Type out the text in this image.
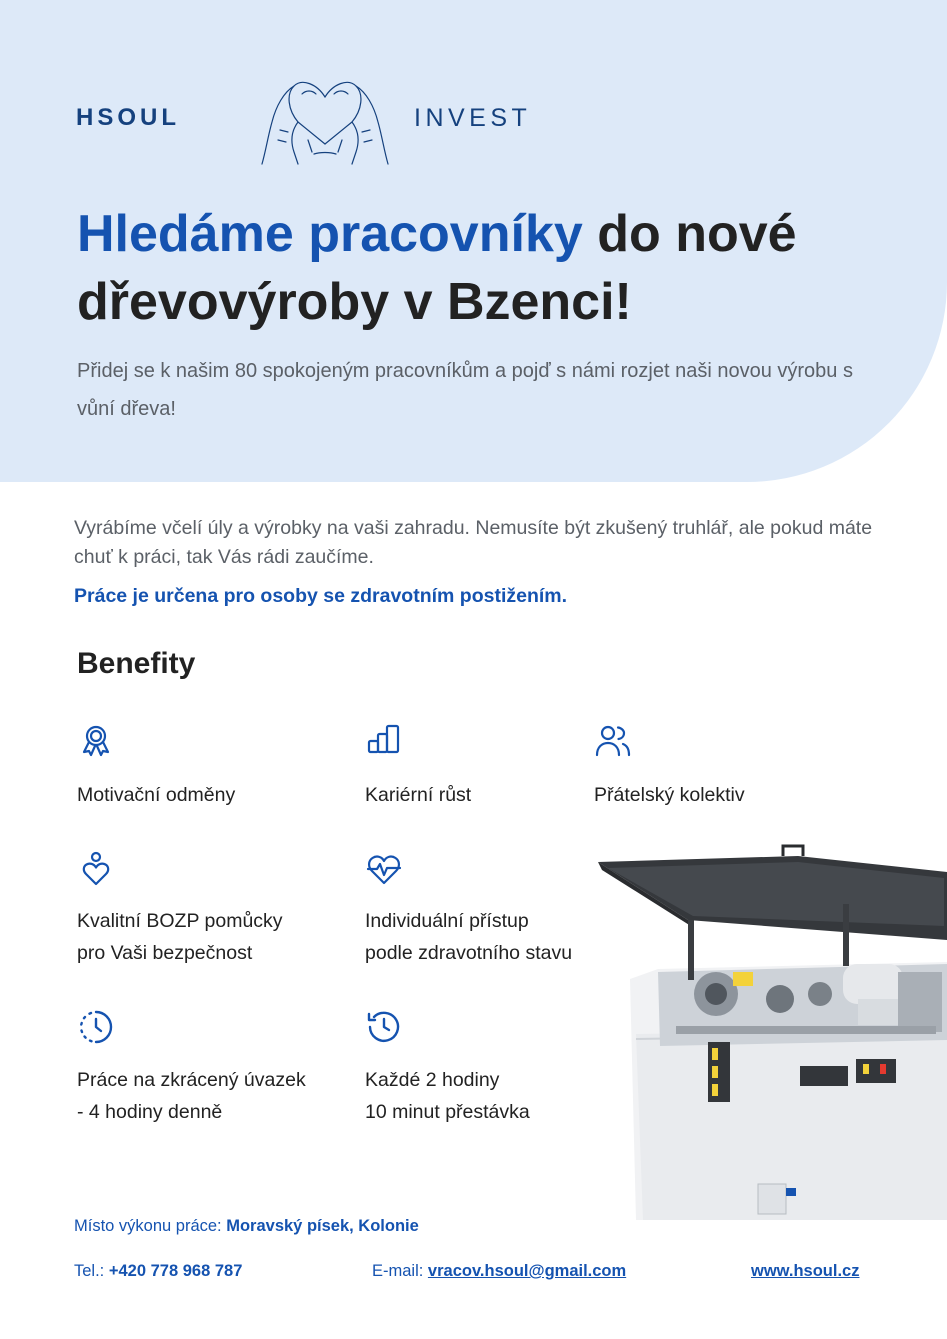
HSOUL	INVEST
Hledáme pracovníky do nové
dřevovýroby v Bzenci!

Přidej se k našim 80 spokojeným pracovníkům a pojď s námi rozjet naši novou výrobu s vůní dřeva!

Vyrábíme včelí úly a výrobky na vaši zahradu. Nemusíte být zkušený truhlář, ale pokud máte chuť k práci, tak Vás rádi zaučíme.

Práce je určena pro osoby se zdravotním postižením.

Benefity
Motivační odměny	Kariérní růst	Přátelský kolektiv
Kvalitní BOZP pomůcky
pro Vaši bezpečnost
Individuální přístup
podle zdravotního stavu
Práce na zkrácený úvazek
- 4 hodiny denně
Každé 2 hodiny
10 minut přestávka
Místo výkonu práce: Moravský písek, Kolonie
Tel.: +420 778 968 787	E-mail: vracov.hsoul@gmail.com	www.hsoul.cz
